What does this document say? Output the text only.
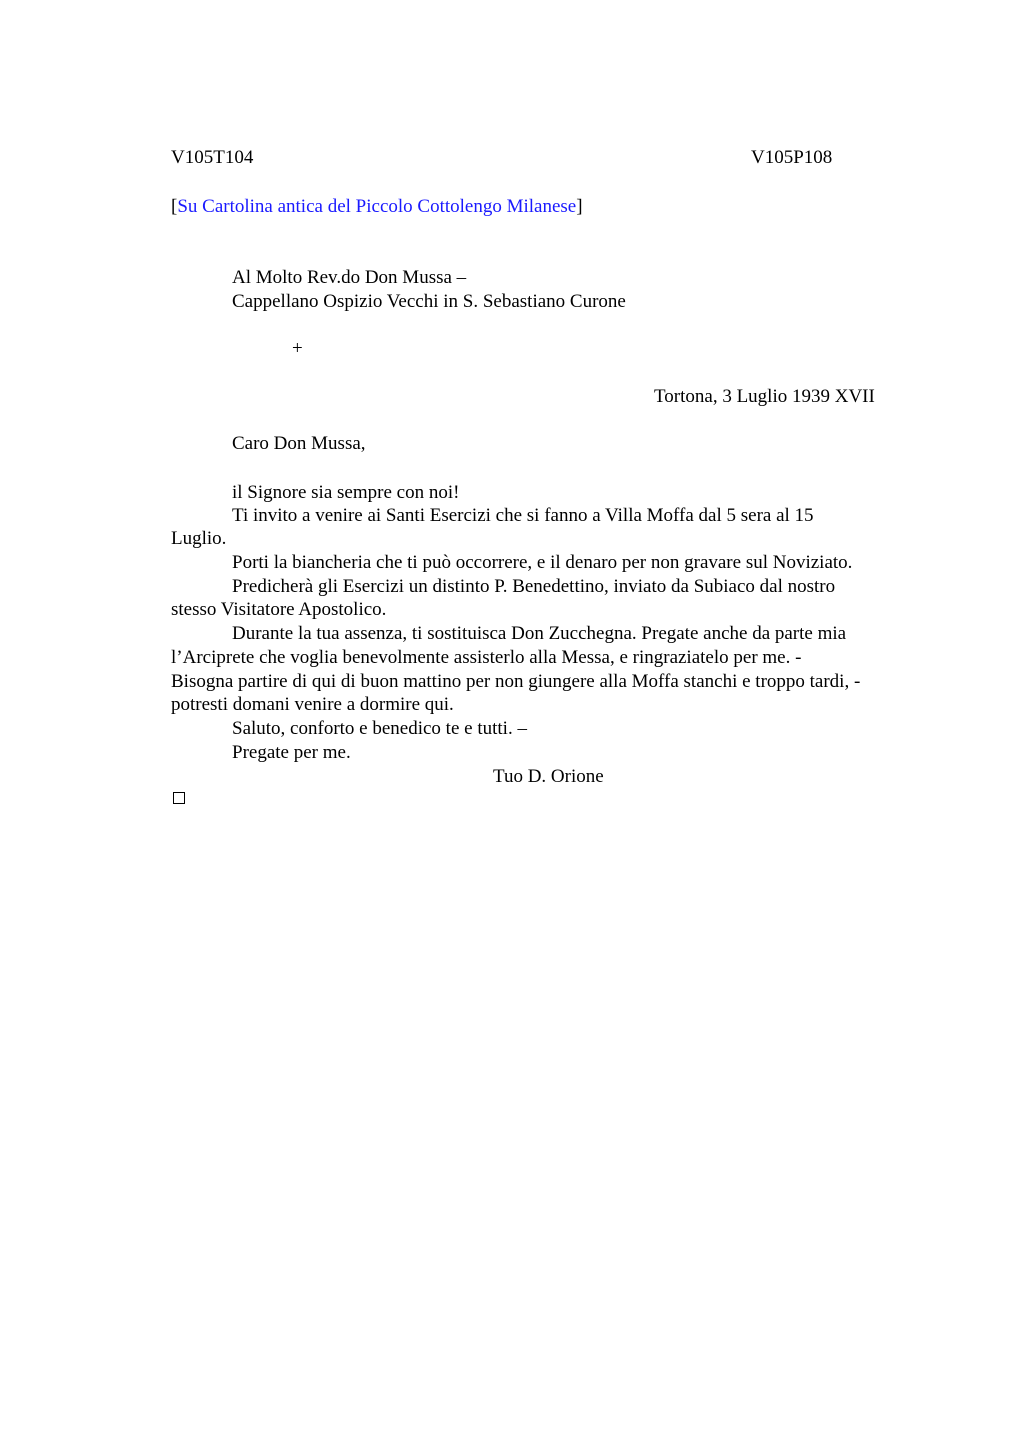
V105T104	V105P108
[Su Cartolina antica del Piccolo Cottolengo Milanese]
Al Molto Rev.do Don Mussa –
Cappellano Ospizio Vecchi in S. Sebastiano Curone
+
Tortona, 3 Luglio 1939 XVII
Caro Don Mussa,
il Signore sia sempre con noi!
Ti invito a venire ai Santi Esercizi che si fanno a Villa Moffa dal 5 sera al 15
Luglio.
Porti la biancheria che ti può occorrere, e il denaro per non gravare sul Noviziato.
Predicherà gli Esercizi un distinto P. Benedettino, inviato da Subiaco dal nostro
stesso Visitatore Apostolico.
Durante la tua assenza, ti sostituisca Don Zucchegna. Pregate anche da parte mia
l’Arciprete che voglia benevolmente assisterlo alla Messa, e ringraziatelo per me. -
Bisogna partire di qui di buon mattino per non giungere alla Moffa stanchi e troppo tardi, -
potresti domani venire a dormire qui.
Saluto, conforto e benedico te e tutti. –
Pregate per me.
Tuo D. Orione
